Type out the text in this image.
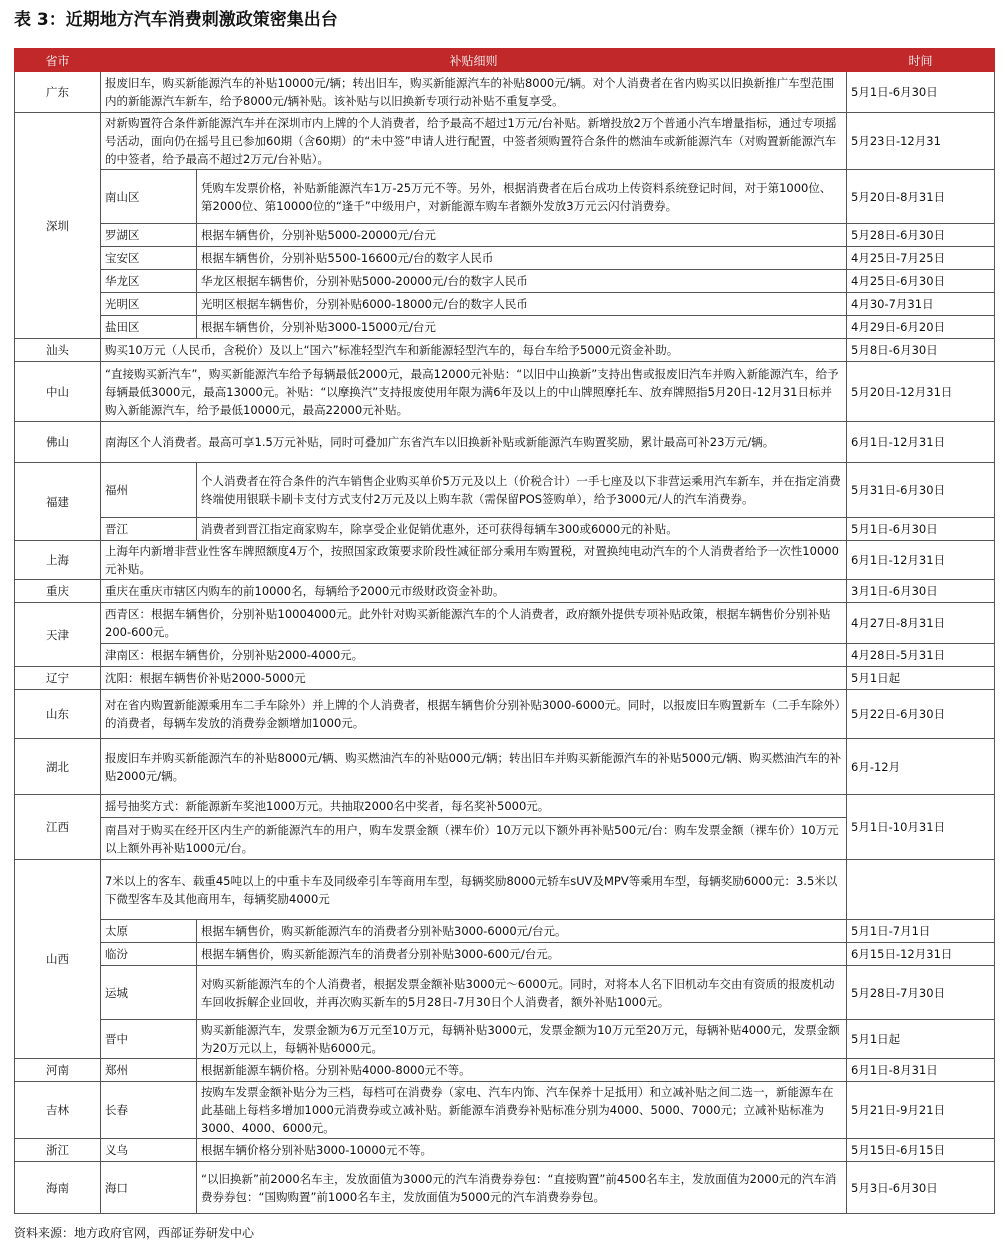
表 3：近期地方汽车消费刺激政策密集出台
省市	补贴细则		时间
广东	报废旧车，购买新能源汽车的补贴10000元/辆；转出旧车，购买新能源汽车的补贴8000元/辆。对个人消费者在省内购买以旧换新推广车型范围内的新能源汽车新车，给予8000元/辆补贴。该补贴与以旧换新专项行动补贴不重复享受。		5月1日-6月30日
深圳	对新购置符合条件新能源汽车并在深圳市内上牌的个人消费者，给予最高不超过1万元/台补贴。新增投放2万个普通小汽车增量指标，通过专项摇号活动，面向仍在摇号且已参加60期（含60期）的“未中签”申请人进行配置，中签者须购置符合条件的燃油车或新能源汽车（对购置新能源汽车的中签者，给予最高不超过2万元/台补贴）。		5月23日-12月31
	南山区	凭购车发票价格，补贴新能源汽车1万-25万元不等。另外，根据消费者在后台成功上传资料系统登记时间，对于第1000位、第2000位、第10000位的“逢千”中级用户，对新能源车购车者额外发放3万元云闪付消费券。	5月20日-8月31日
	罗湖区	根据车辆售价，分别补贴5000-20000元/台元	5月28日-6月30日
	宝安区	根据车辆售价，分别补贴5500-16600元/台的数字人民币	4月25日-7月25日
	华龙区	华龙区根据车辆售价，分别补贴5000-20000元/台的数字人民币	4月25日-6月30日
	光明区	光明区根据车辆售价，分别补贴6000-18000元/台的数字人民币	4月30-7月31日
	盐田区	根据车辆售价，分别补贴3000-15000元/台元	4月29日-6月20日
汕头	购买10万元（人民币，含税价）及以上“国六”标准轻型汽车和新能源轻型汽车的，每台车给予5000元资金补助。		5月8日-6月30日
中山	“直接购买新汽车”，购买新能源汽车给予每辆最低2000元，最高12000元补贴：“以旧中山换新”支持出售或报废旧汽车并购入新能源汽车，给予每辆最低3000元，最高13000元。补贴：“以摩换汽”支持报废使用年限为满6年及以上的中山牌照摩托车、放弃牌照指5月20日-12月31日标并购入新能源汽车，给予最低10000元，最高22000元补贴。		5月20日-12月31日
佛山	南海区个人消费者。最高可享1.5万元补贴，同时可叠加广东省汽车以旧换新补贴或新能源汽车购置奖励，累计最高可补23万元/辆。		6月1日-12月31日
福建	福州	个人消费者在符合条件的汽车销售企业购买单价5万元及以上（价税合计）一手七座及以下非营运乘用汽车新车，并在指定消费终端使用银联卡刷卡支付方式支付2万元及以上购车款（需保留POS签购单），给予3000元/人的汽车消费券。	5月31日-6月30日
	晋江	消费者到晋江指定商家购车，除享受企业促销优惠外，还可获得每辆车300或6000元的补贴。	5月1日-6月30日
上海	上海年内新增非营业性客车牌照额度4万个，按照国家政策要求阶段性减征部分乘用车购置税，对置换纯电动汽车的个人消费者给予一次性10000元补贴。		6月1日-12月31日
重庆	重庆在重庆市辖区内购车的前10000名，每辆给予2000元市级财政资金补助。		3月1日-6月30日
天津	西青区：根据车辆售价，分别补贴10004000元。此外针对购买新能源汽车的个人消费者，政府额外提供专项补贴政策，根据车辆售价分别补贴200-600元。		4月27日-8月31日
	津南区：根据车辆售价，分别补贴2000-4000元。		4月28日-5月31日
辽宁	沈阳：根据车辆售价补贴2000-5000元		5月1日起
山东	对在省内购置新能源乘用车二手车除外）并上牌的个人消费者，根据车辆售价分别补贴3000-6000元。同时，以报废旧车购置新车（二手车除外）的消费者，每辆车发放的消费券金额增加1000元。		5月22日-6月30日
湖北	报废旧车并购买新能源汽车的补贴8000元/辆、购买燃油汽车的补贴000元/辆；转出旧车并购买新能源汽车的补贴5000元/辆、购买燃油汽车的补贴2000元/辆。		6月-12月
江西	摇号抽奖方式：新能源新车奖池1000万元。共抽取2000名中奖者，每名奖补5000元。		5月1日-10月31日
	南昌对于购买在经开区内生产的新能源汽车的用户，购车发票金额（裸车价）10万元以下额外再补贴500元/台：购车发票金额（裸车价）10万元以上额外再补贴1000元/台。		
山西	7米以上的客车、载重45吨以上的中重卡车及同级牵引车等商用车型，每辆奖励8000元轿车sUV及MPV等乘用车型，每辆奖励6000元：3.5米以下微型客车及其他商用车，每辆奖励4000元		
	太原	根据车辆售价，购买新能源汽车的消费者分别补贴3000-6000元/台元。	5月1日-7月1日
	临汾	根据车辆售价，购买新能源汽车的消费者分别补贴3000-600元/台元。	6月15日-12月31日
	运城	对购买新能源汽车的个人消费者，根据发票金额补贴3000元～6000元。同时，对将本人名下旧机动车交由有资质的报废机动车回收拆解企业回收，并再次购买新车的5月28日-7月30日个人消费者，额外补贴1000元。	5月28日-7月30日
	晋中	购买新能源汽车，发票金额为6万元至10万元，每辆补贴3000元，发票金额为10万元至20万元，每辆补贴4000元，发票金额为20万元以上，每辆补贴6000元。	5月1日起
河南	郑州	根据新能源车辆价格。分别补贴4000-8000元不等。	6月1日-8月31日
吉林	长春	按购车发票金额补贴分为三档，每档可在消费券（家电、汽车内饰、汽车保养十足抵用）和立减补贴之间二选一，新能源车在此基础上每档多增加1000元消费券或立减补贴。新能源车消费券补贴标准分别为4000、5000、7000元；立减补贴标准为3000、4000、6000元。	5月21日-9月21日
浙江	义乌	根据车辆价格分别补贴3000-10000元不等。	5月15日-6月15日
海南	海口	“以旧换新”前2000名车主，发放面值为3000元的汽车消费券券包：“直接购置”前4500名车主，发放面值为2000元的汽车消费券券包：“国购购置”前1000名车主，发放面值为5000元的汽车消费券券包。	5月3日-6月30日
资料来源：地方政府官网，西部证券研发中心
